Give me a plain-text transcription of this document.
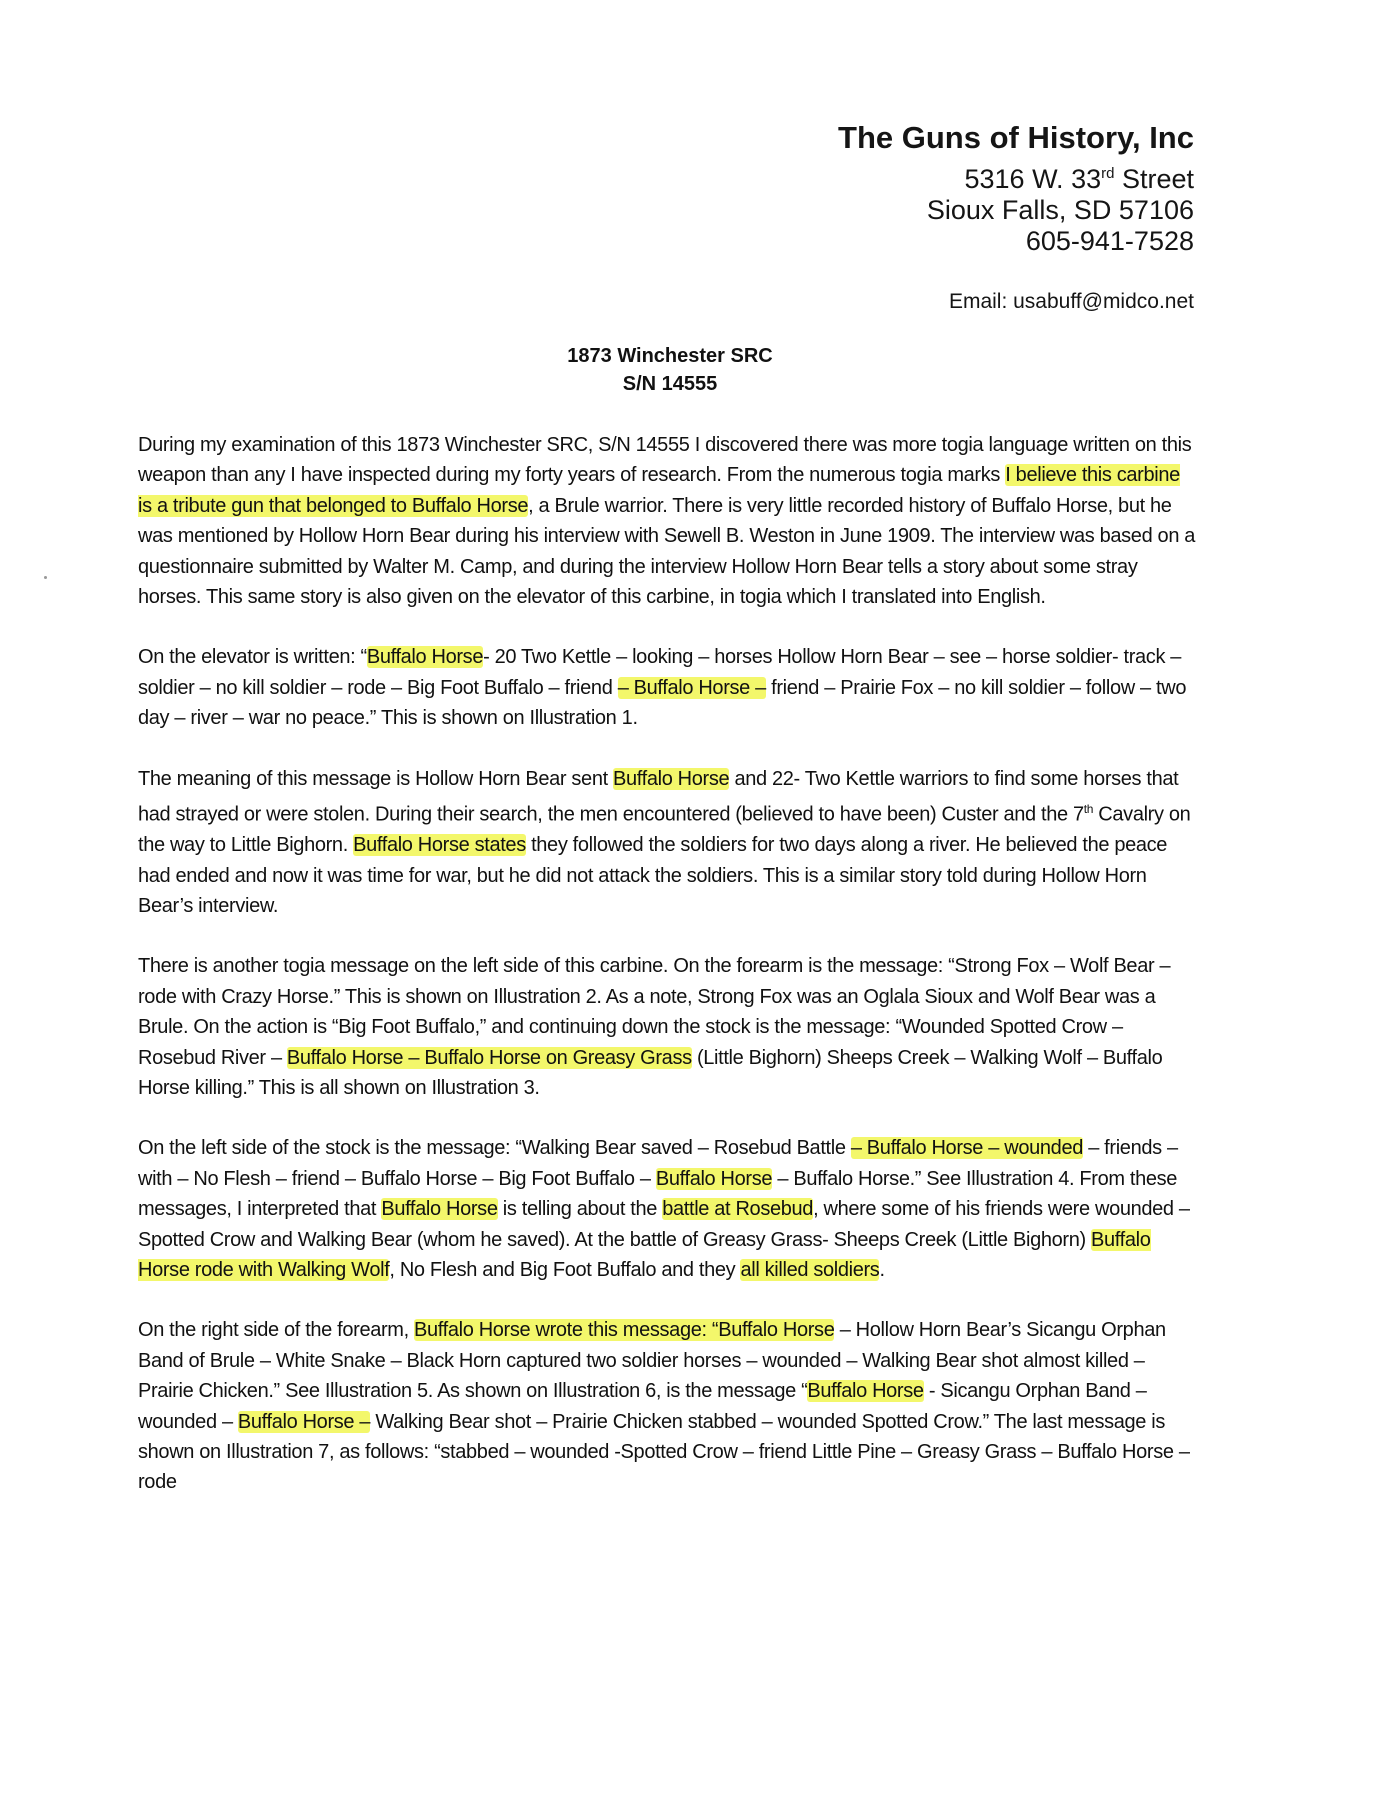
The Guns of History, Inc
5316 W. 33rd Street
Sioux Falls, SD 57106
605-941-7528
Email: usabuff@midco.net
1873 Winchester SRC
S/N 14555

During my examination of this 1873 Winchester SRC, S/N 14555 I discovered there was more togia language written on this weapon than any I have inspected during my forty years of research. From the numerous togia marks I believe this carbine is a tribute gun that belonged to Buffalo Horse, a Brule warrior. There is very little recorded history of Buffalo Horse, but he was mentioned by Hollow Horn Bear during his interview with Sewell B. Weston in June 1909. The interview was based on a questionnaire submitted by Walter M. Camp, and during the interview Hollow Horn Bear tells a story about some stray horses. This same story is also given on the elevator of this carbine, in togia which I translated into English.

On the elevator is written: “Buffalo Horse- 20 Two Kettle – looking – horses Hollow Horn Bear – see – horse soldier- track – soldier – no kill soldier – rode – Big Foot Buffalo – friend – Buffalo Horse – friend – Prairie Fox – no kill soldier – follow – two day – river – war no peace.” This is shown on Illustration 1.

The meaning of this message is Hollow Horn Bear sent Buffalo Horse and 22- Two Kettle warriors to find some horses that had strayed or were stolen. During their search, the men encountered (believed to have been) Custer and the 7th Cavalry on the way to Little Bighorn. Buffalo Horse states they followed the soldiers for two days along a river. He believed the peace had ended and now it was time for war, but he did not attack the soldiers. This is a similar story told during Hollow Horn Bear’s interview.

There is another togia message on the left side of this carbine. On the forearm is the message: “Strong Fox – Wolf Bear – rode with Crazy Horse.” This is shown on Illustration 2. As a note, Strong Fox was an Oglala Sioux and Wolf Bear was a Brule. On the action is “Big Foot Buffalo,” and continuing down the stock is the message: “Wounded Spotted Crow – Rosebud River – Buffalo Horse – Buffalo Horse on Greasy Grass (Little Bighorn) Sheeps Creek – Walking Wolf – Buffalo Horse killing.” This is all shown on Illustration 3.

On the left side of the stock is the message: “Walking Bear saved – Rosebud Battle – Buffalo Horse – wounded – friends – with – No Flesh – friend – Buffalo Horse – Big Foot Buffalo – Buffalo Horse – Buffalo Horse.” See Illustration 4. From these messages, I interpreted that Buffalo Horse is telling about the battle at Rosebud, where some of his friends were wounded – Spotted Crow and Walking Bear (whom he saved). At the battle of Greasy Grass- Sheeps Creek (Little Bighorn) Buffalo Horse rode with Walking Wolf, No Flesh and Big Foot Buffalo and they all killed soldiers.

On the right side of the forearm, Buffalo Horse wrote this message: “Buffalo Horse – Hollow Horn Bear’s Sicangu Orphan Band of Brule – White Snake – Black Horn captured two soldier horses – wounded – Walking Bear shot almost killed – Prairie Chicken.” See Illustration 5. As shown on Illustration 6, is the message “Buffalo Horse - Sicangu Orphan Band – wounded – Buffalo Horse – Walking Bear shot – Prairie Chicken stabbed – wounded Spotted Crow.” The last message is shown on Illustration 7, as follows: “stabbed – wounded -Spotted Crow – friend Little Pine – Greasy Grass – Buffalo Horse – rode
